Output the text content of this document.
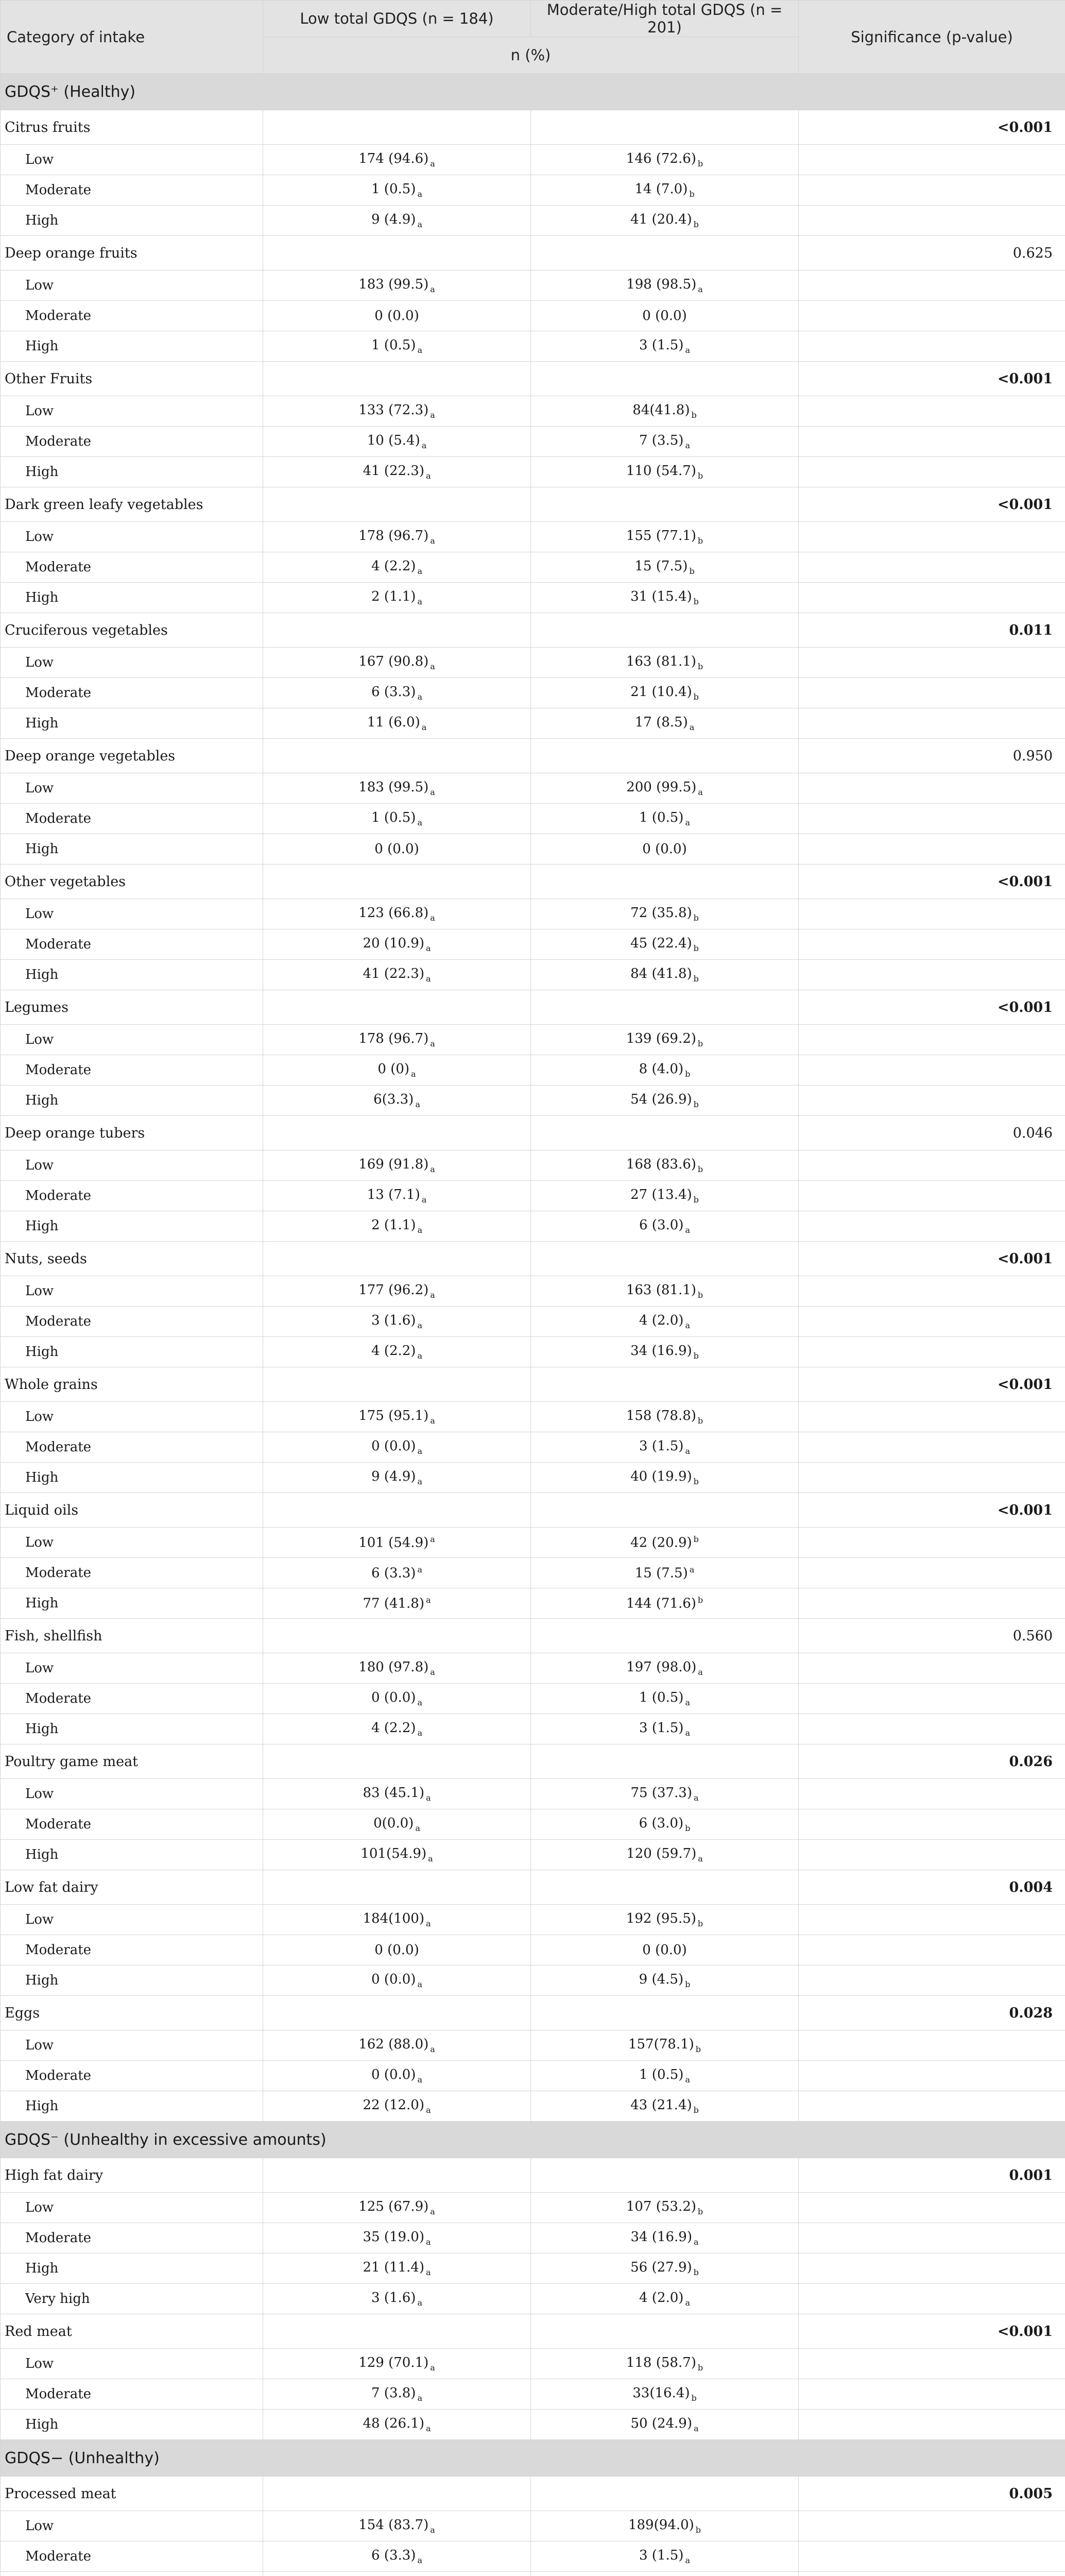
Category of intake	Low total GDQS (n = 184)	Moderate/High total GDQS (n = 201)	Significance (p-value)
	n (%)		
GDQS⁺ (Healthy)			
Citrus fruits			<0.001
Low	174 (94.6) $_a$	146 (72.6) $_b$	
Moderate	1 (0.5) $_a$	14 (7.0) $_b$	
High	9 (4.9) $_a$	41 (20.4) $_b$	
Deep orange fruits			0.625
Low	183 (99.5) $_a$	198 (98.5) $_a$	
Moderate	0 (0.0)	0 (0.0)	
High	1 (0.5) $_a$	3 (1.5) $_a$	
Other Fruits			<0.001
Low	133 (72.3) $_a$	84(41.8) $_b$	
Moderate	10 (5.4) $_a$	7 (3.5) $_a$	
High	41 (22.3) $_a$	110 (54.7) $_b$	
Dark green leafy vegetables			<0.001
Low	178 (96.7) $_a$	155 (77.1) $_b$	
Moderate	4 (2.2) $_a$	15 (7.5) $_b$	
High	2 (1.1) $_a$	31 (15.4) $_b$	
Cruciferous vegetables			0.011
Low	167 (90.8) $_a$	163 (81.1) $_b$	
Moderate	6 (3.3) $_a$	21 (10.4) $_b$	
High	11 (6.0) $_a$	17 (8.5) $_a$	
Deep orange vegetables			0.950
Low	183 (99.5) $_a$	200 (99.5) $_a$	
Moderate	1 (0.5) $_a$	1 (0.5) $_a$	
High	0 (0.0)	0 (0.0)	
Other vegetables			<0.001
Low	123 (66.8) $_a$	72 (35.8) $_b$	
Moderate	20 (10.9) $_a$	45 (22.4) $_b$	
High	41 (22.3) $_a$	84 (41.8) $_b$	
Legumes			<0.001
Low	178 (96.7) $_a$	139 (69.2) $_b$	
Moderate	0 (0) $_a$	8 (4.0) $_b$	
High	6(3.3) $_a$	54 (26.9) $_b$	
Deep orange tubers			0.046
Low	169 (91.8) $_a$	168 (83.6) $_b$	
Moderate	13 (7.1) $_a$	27 (13.4) $_b$	
High	2 (1.1) $_a$	6 (3.0) $_a$	
Nuts, seeds			<0.001
Low	177 (96.2) $_a$	163 (81.1) $_b$	
Moderate	3 (1.6) $_a$	4 (2.0) $_a$	
High	4 (2.2) $_a$	34 (16.9) $_b$	
Whole grains			<0.001
Low	175 (95.1) $_a$	158 (78.8) $_b$	
Moderate	0 (0.0) $_a$	3 (1.5) $_a$	
High	9 (4.9) $_a$	40 (19.9) $_b$	
Liquid oils			<0.001
Low	101 (54.9) $^a$	42 (20.9) $^b$	
Moderate	6 (3.3) $^a$	15 (7.5) $^a$	
High	77 (41.8) $^a$	144 (71.6) $^b$	
Fish, shellfish			0.560
Low	180 (97.8) $_a$	197 (98.0) $_a$	
Moderate	0 (0.0) $_a$	1 (0.5) $_a$	
High	4 (2.2) $_a$	3 (1.5) $_a$	
Poultry game meat			0.026
Low	83 (45.1) $_a$	75 (37.3) $_a$	
Moderate	0(0.0) $_a$	6 (3.0) $_b$	
High	101(54.9) $_a$	120 (59.7) $_a$	
Low fat dairy			0.004
Low	184(100) $_a$	192 (95.5) $_b$	
Moderate	0 (0.0)	0 (0.0)	
High	0 (0.0) $_a$	9 (4.5) $_b$	
Eggs			0.028
Low	162 (88.0) $_a$	157(78.1) $_b$	
Moderate	0 (0.0) $_a$	1 (0.5) $_a$	
High	22 (12.0) $_a$	43 (21.4) $_b$	
GDQS⁻ (Unhealthy in excessive amounts)			
High fat dairy			0.001
Low	125 (67.9) $_a$	107 (53.2) $_b$	
Moderate	35 (19.0) $_a$	34 (16.9) $_a$	
High	21 (11.4) $_a$	56 (27.9) $_b$	
Very high	3 (1.6) $_a$	4 (2.0) $_a$	
Red meat			<0.001
Low	129 (70.1) $_a$	118 (58.7) $_b$	
Moderate	7 (3.8) $_a$	33(16.4) $_b$	
High	48 (26.1) $_a$	50 (24.9) $_a$	
GDQS− (Unhealthy)			
Processed meat			0.005
Low	154 (83.7) $_a$	189(94.0) $_b$	
Moderate	6 (3.3) $_a$	3 (1.5) $_a$	
